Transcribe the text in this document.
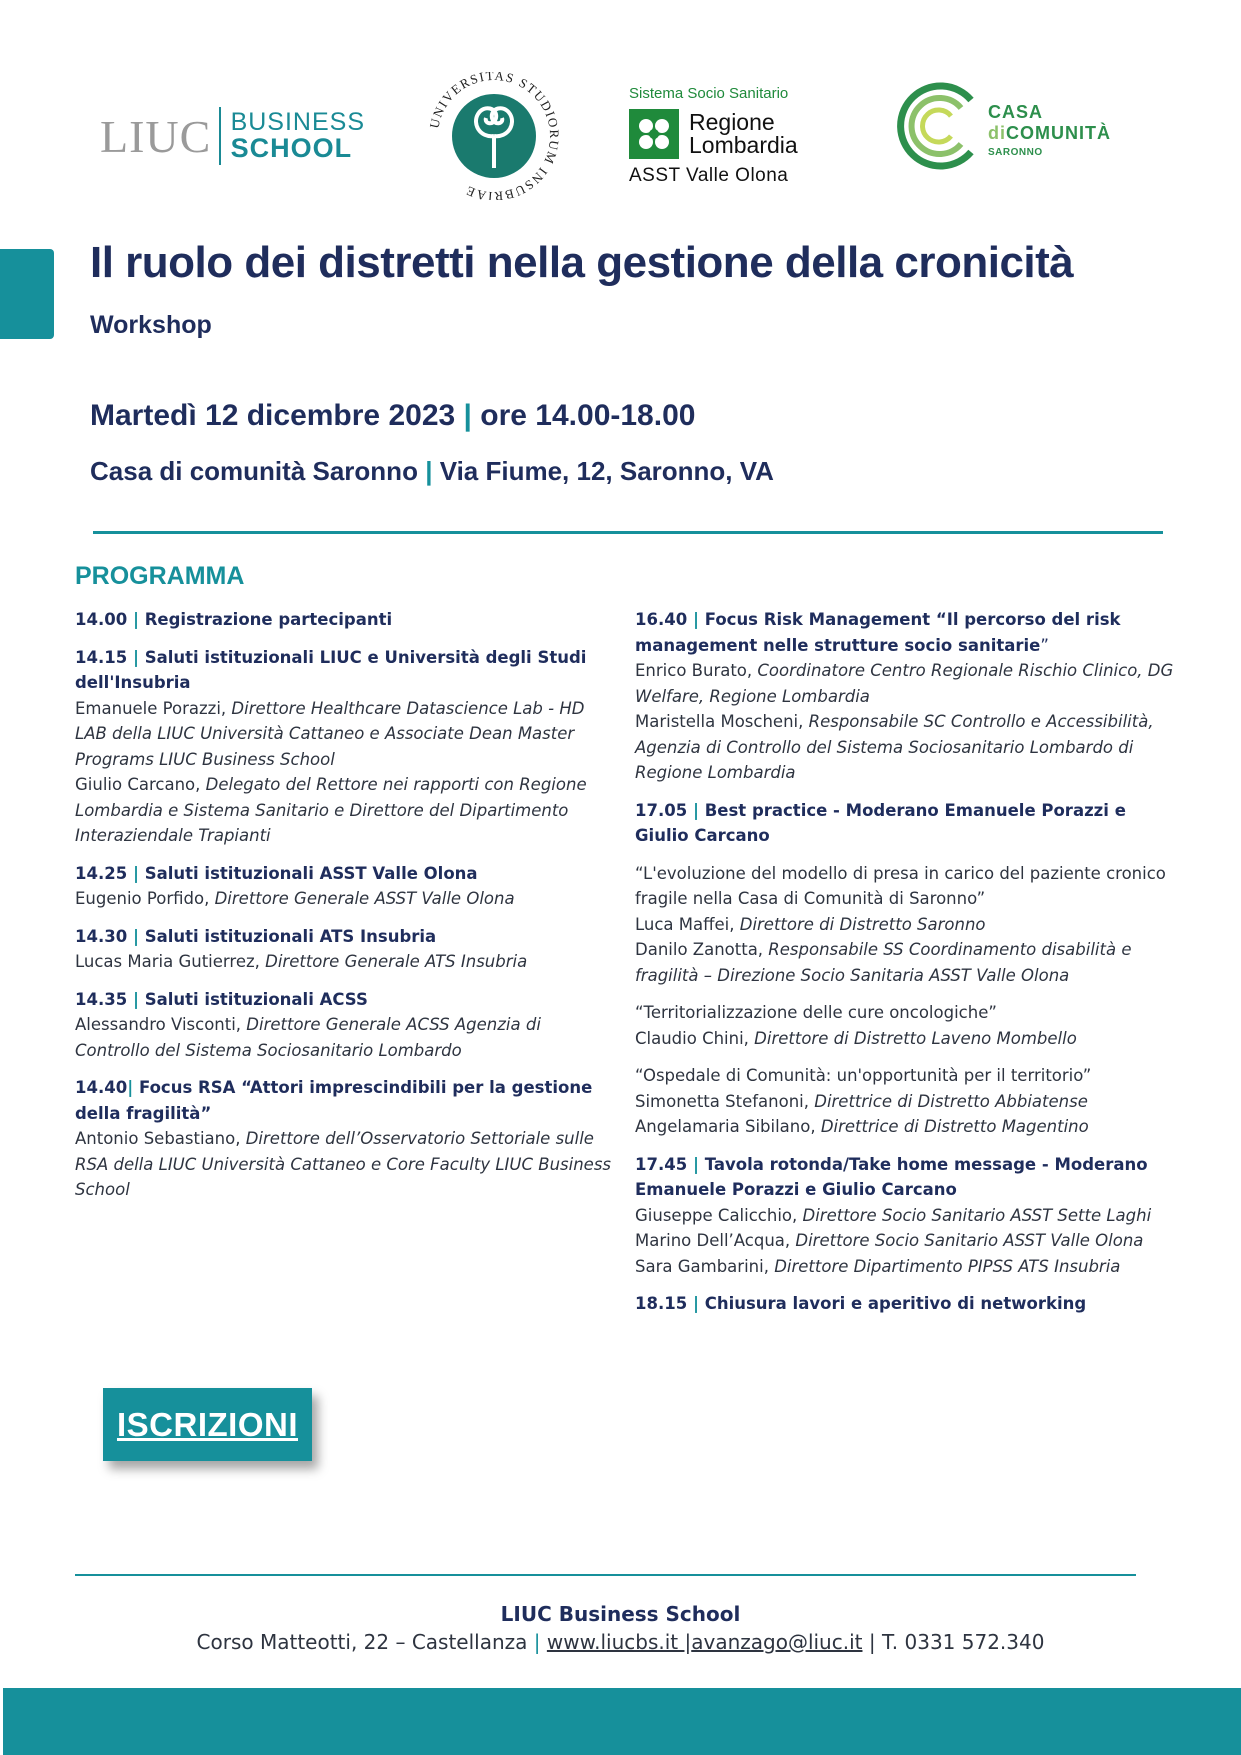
LIUC BUSINESS
SCHOOL
UNIVERSITAS STUDIORUM INSUBRIAE
Sistema Socio Sanitario
Regione
Lombardia
ASST Valle Olona
CASA
diCOMUNITÀ
SARONNO
Il ruolo dei distretti nella gestione della cronicità
Workshop
Martedì 12 dicembre 2023 | ore 14.00-18.00
Casa di comunità Saronno | Via Fiume, 12, Saronno, VA
PROGRAMMA
14.00 | Registrazione partecipanti
14.15 | Saluti istituzionali LIUC e Università degli Studi dell'Insubria
Emanuele Porazzi, Direttore Healthcare Datascience Lab - HD LAB della LIUC Università Cattaneo e Associate Dean Master Programs LIUC Business School
Giulio Carcano, Delegato del Rettore nei rapporti con Regione Lombardia e Sistema Sanitario e Direttore del Dipartimento Interaziendale Trapianti
14.25 | Saluti istituzionali ASST Valle Olona
Eugenio Porfido, Direttore Generale ASST Valle Olona
14.30 | Saluti istituzionali ATS Insubria
Lucas Maria Gutierrez, Direttore Generale ATS Insubria
14.35 | Saluti istituzionali ACSS
Alessandro Visconti, Direttore Generale ACSS Agenzia di Controllo del Sistema Sociosanitario Lombardo
14.40| Focus RSA “Attori imprescindibili per la gestione della fragilità”
Antonio Sebastiano, Direttore dell’Osservatorio Settoriale sulle RSA della LIUC Università Cattaneo e Core Faculty LIUC Business School
16.40 | Focus Risk Management “Il percorso del risk management nelle strutture socio sanitarie”
Enrico Burato, Coordinatore Centro Regionale Rischio Clinico, DG Welfare, Regione Lombardia
Maristella Moscheni, Responsabile SC Controllo e Accessibilità, Agenzia di Controllo del Sistema Sociosanitario Lombardo di Regione Lombardia
17.05 | Best practice - Moderano Emanuele Porazzi e Giulio Carcano
“L'evoluzione del modello di presa in carico del paziente cronico fragile nella Casa di Comunità di Saronno”
Luca Maffei, Direttore di Distretto Saronno
Danilo Zanotta, Responsabile SS Coordinamento disabilità e fragilità – Direzione Socio Sanitaria ASST Valle Olona
“Territorializzazione delle cure oncologiche”
Claudio Chini, Direttore di Distretto Laveno Mombello
“Ospedale di Comunità: un'opportunità per il territorio”
Simonetta Stefanoni, Direttrice di Distretto Abbiatense
Angelamaria Sibilano, Direttrice di Distretto Magentino
17.45 | Tavola rotonda/Take home message - Moderano Emanuele Porazzi e Giulio Carcano
Giuseppe Calicchio, Direttore Socio Sanitario ASST Sette Laghi
Marino Dell’Acqua, Direttore Socio Sanitario ASST Valle Olona
Sara Gambarini, Direttore Dipartimento PIPSS ATS Insubria
18.15 | Chiusura lavori e aperitivo di networking
ISCRIZIONI
LIUC Business School
Corso Matteotti, 22 – Castellanza | www.liucbs.it |avanzago@liuc.it | T. 0331 572.340
